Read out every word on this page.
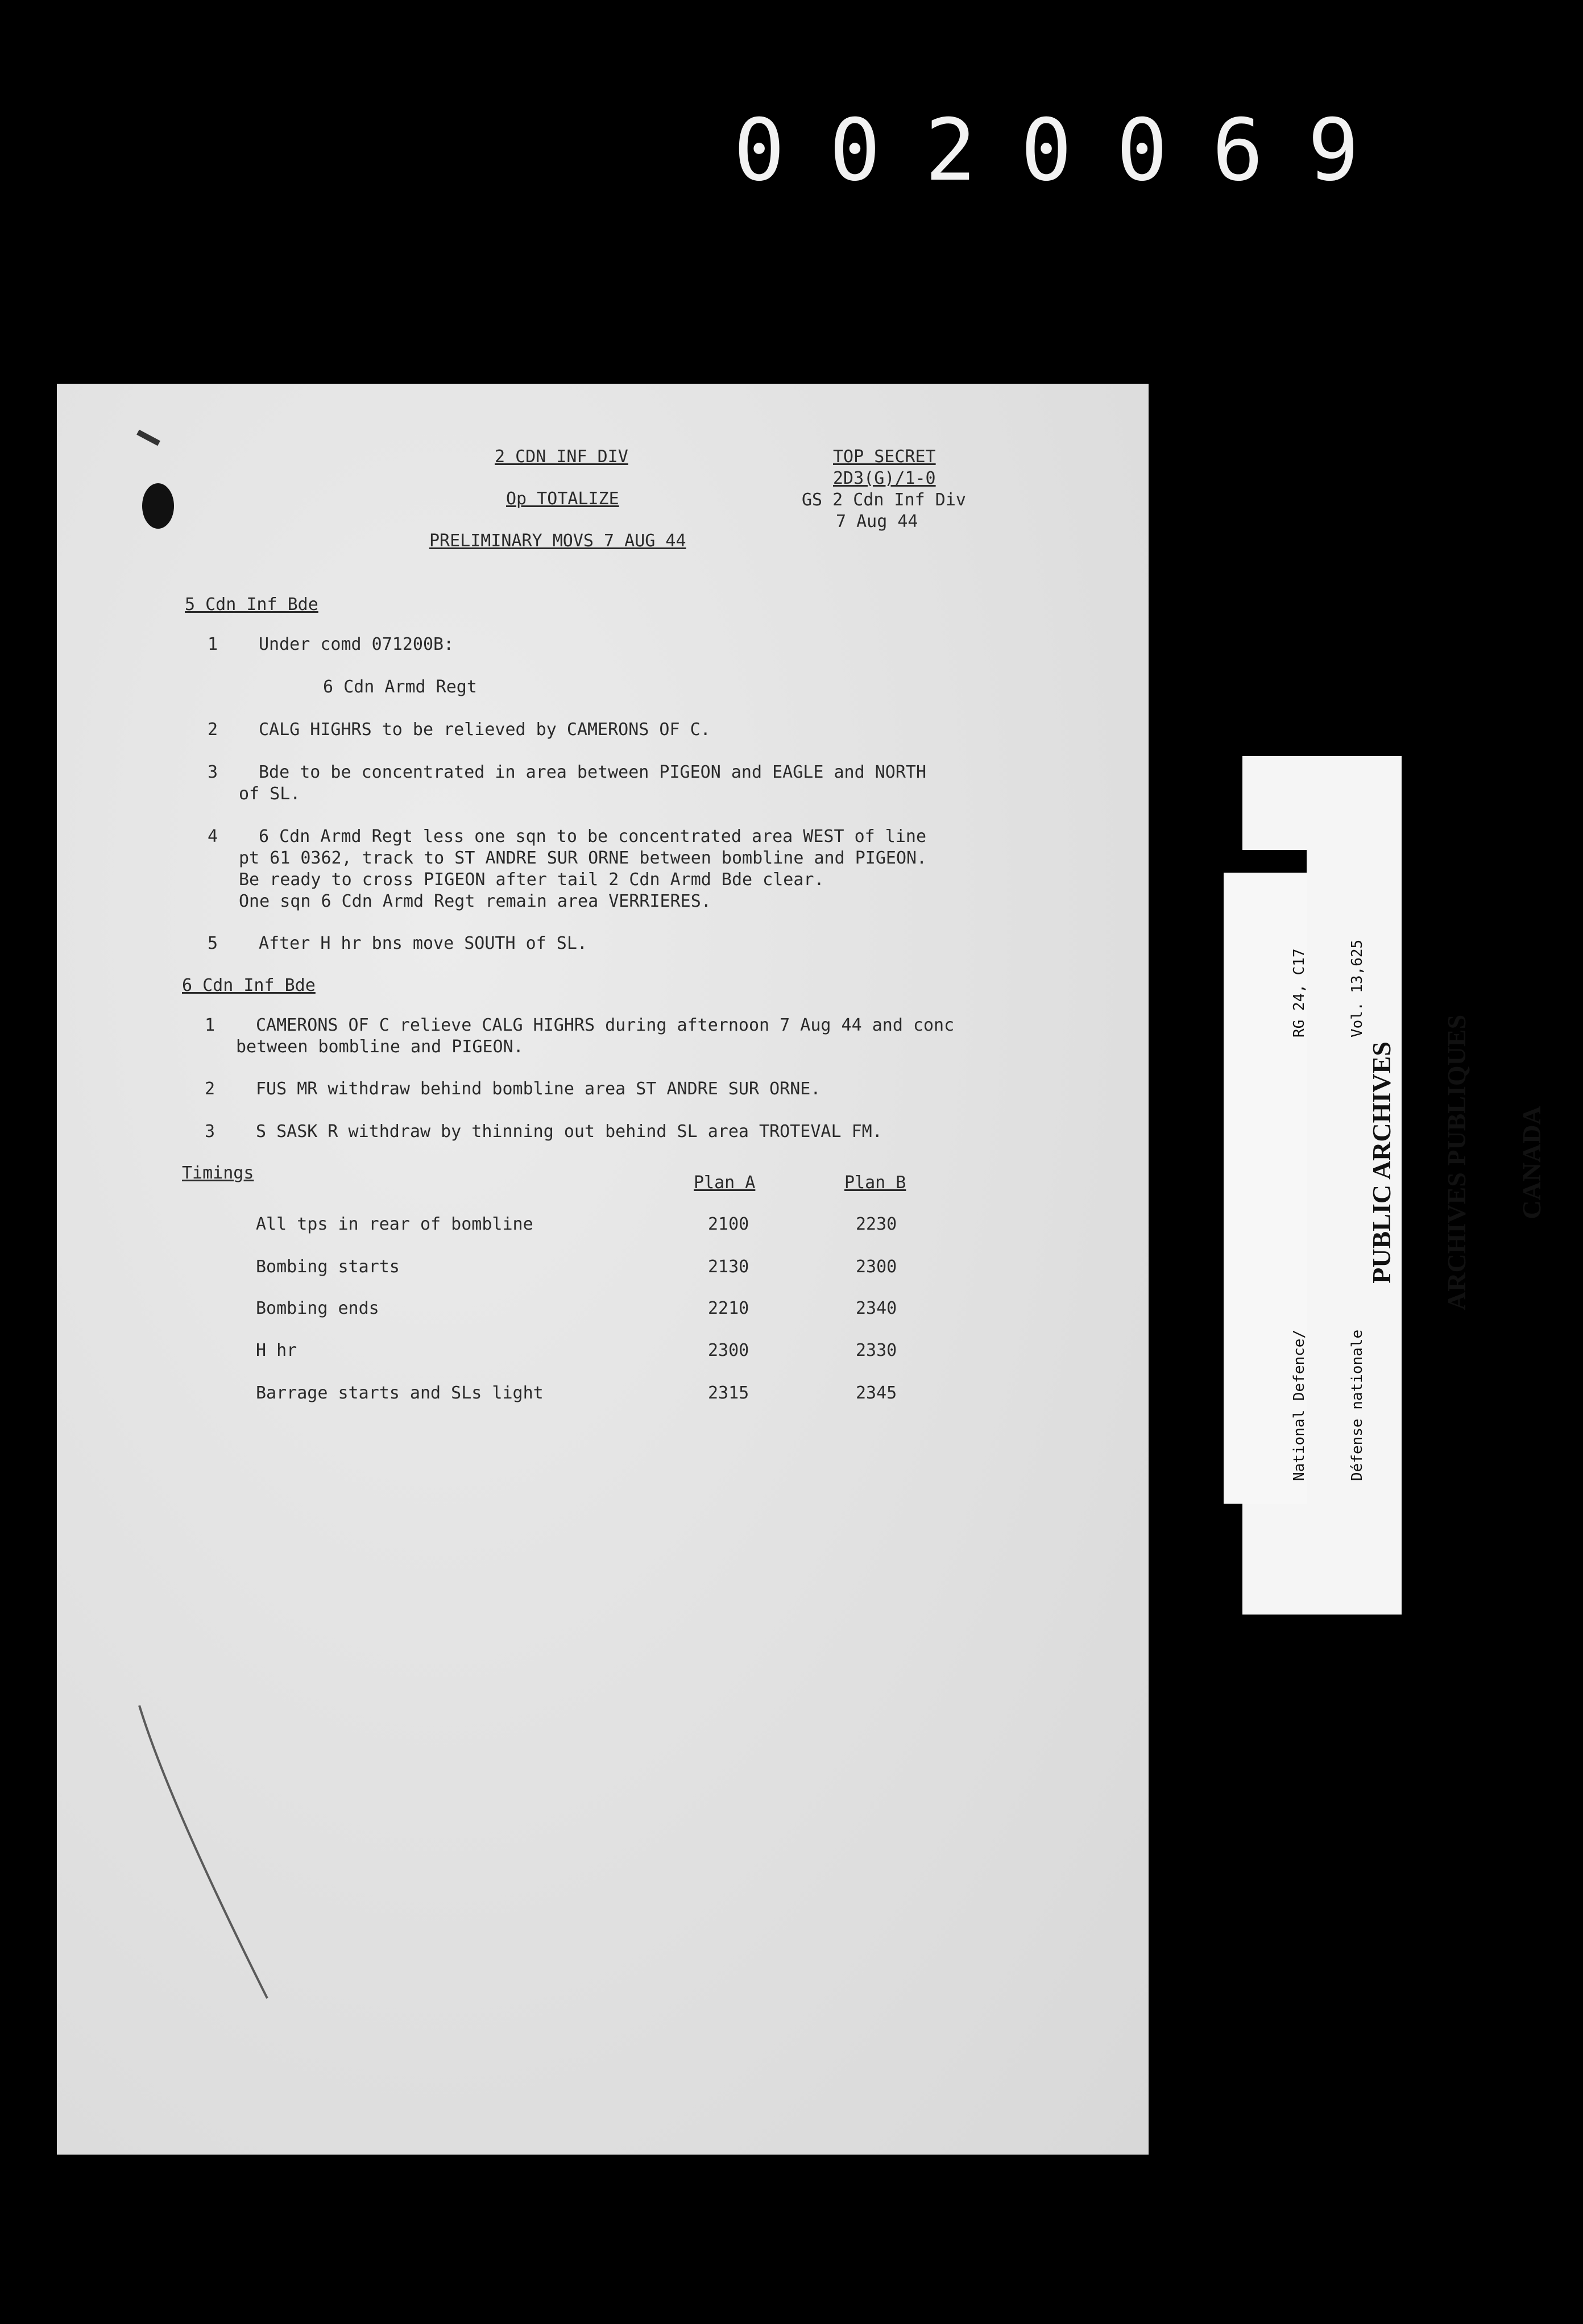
0020069
2 CDN INF DIV
Op TOTALIZE
PRELIMINARY MOVS 7 AUG 44
TOP SECRET
2D3(G)/1-0
GS 2 Cdn Inf Div
7 Aug 44
5 Cdn Inf Bde
1 Under comd 071200B:
6 Cdn Armd Regt
2 CALG HIGHRS to be relieved by CAMERONS OF C.
3 Bde to be concentrated in area between PIGEON and EAGLE and NORTH
of SL.
4 6 Cdn Armd Regt less one sqn to be concentrated area WEST of line
pt 61 0362, track to ST ANDRE SUR ORNE between bombline and PIGEON.
Be ready to cross PIGEON after tail 2 Cdn Armd Bde clear.
One sqn 6 Cdn Armd Regt remain area VERRIERES.
5 After H hr bns move SOUTH of SL.
6 Cdn Inf Bde
1 CAMERONS OF C relieve CALG HIGHRS during afternoon 7 Aug 44 and conc
between bombline and PIGEON.
2 FUS MR withdraw behind bombline area ST ANDRE SUR ORNE.
3 S SASK R withdraw by thinning out behind SL area TROTEVAL FM.
Timings	Plan A	Plan B
All tps in rear of bombline	2100	2230
Bombing starts	2130	2300
Bombing ends	2210	2340
H hr	2300	2330
Barrage starts and SLs light	2315	2345

RG 24, C17

	Vol. 13,625

National Defence/

	Défense nationale

PUBLIC ARCHIVES

ARCHIVES PUBLIQUES

CANADA
